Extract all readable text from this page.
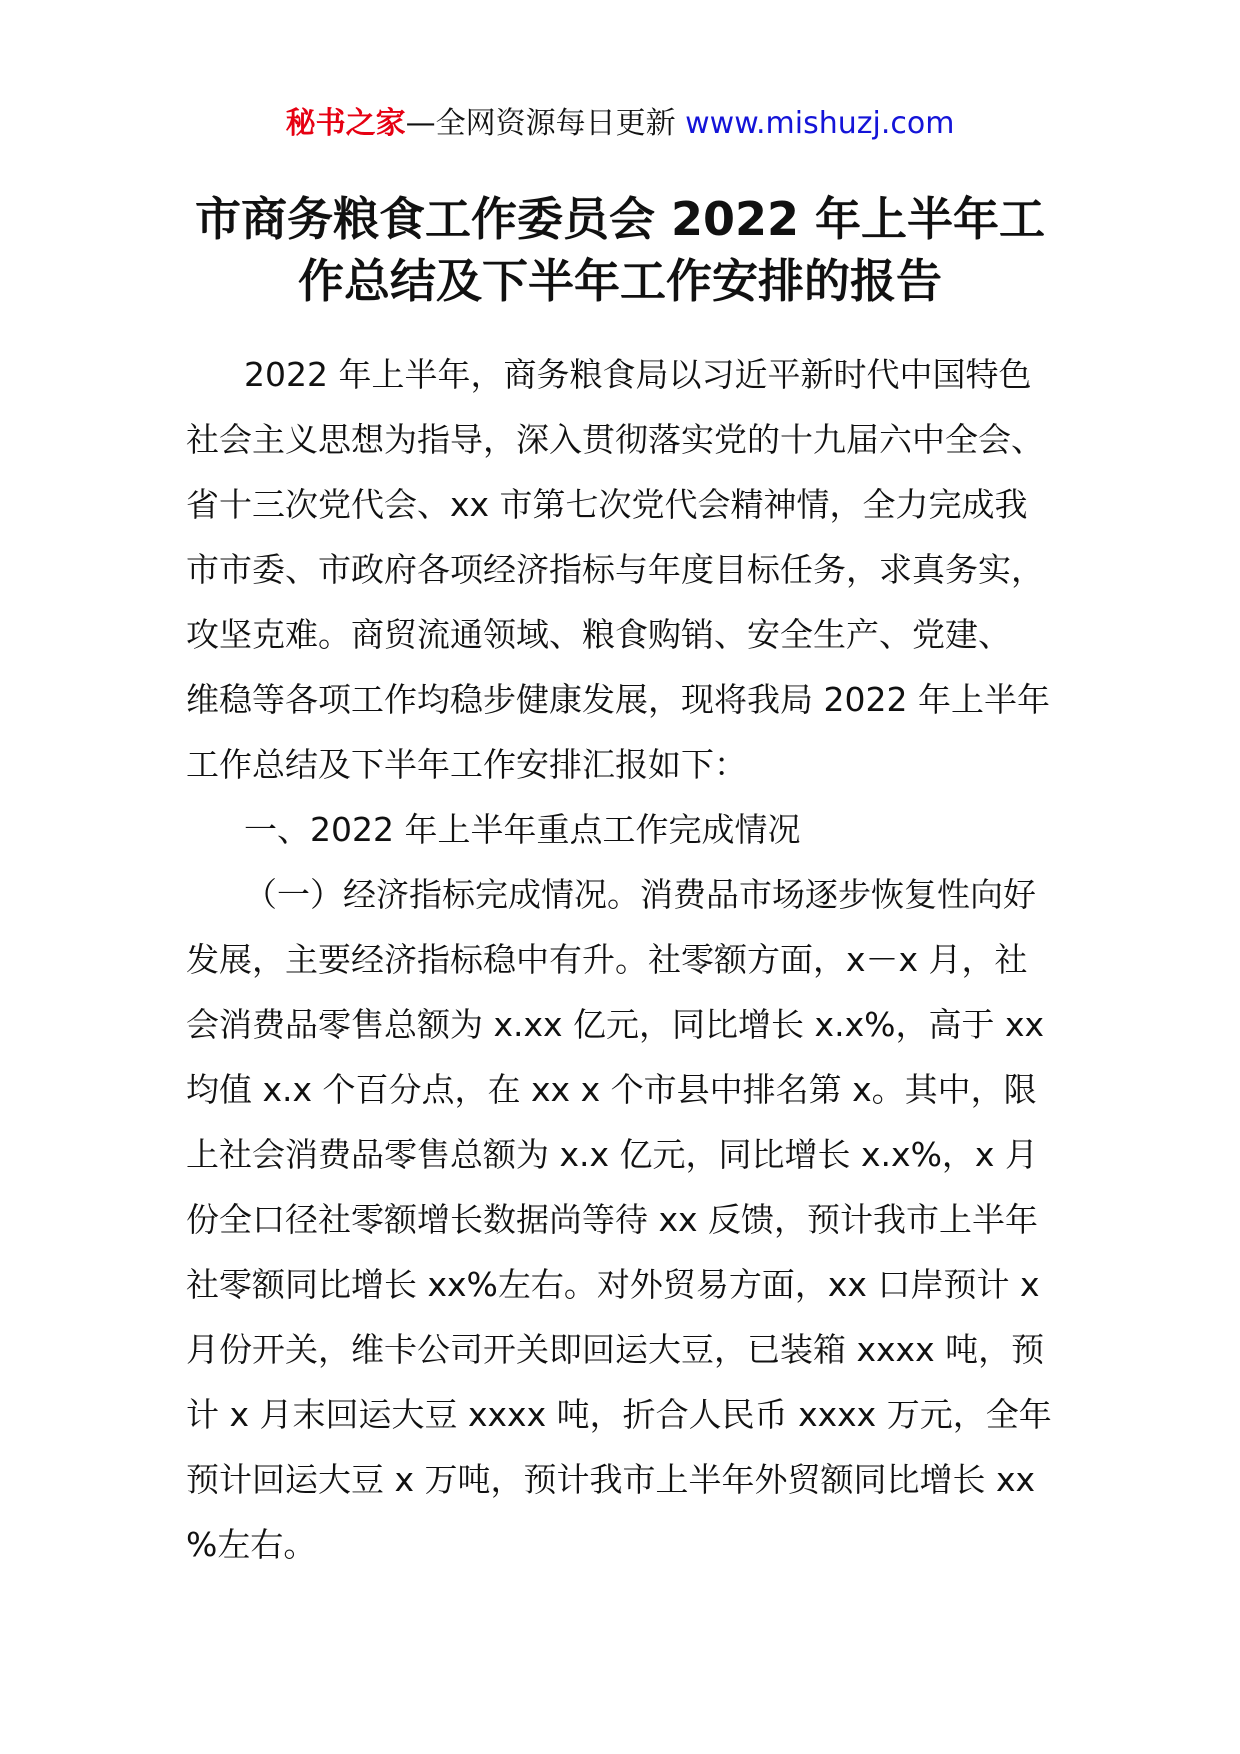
秘书之家—全网资源每日更新 www.mishuzj.com
市商务粮食工作委员会 2022 年上半年工
作总结及下半年工作安排的报告
2022 年上半年，商务粮食局以习近平新时代中国特色
社会主义思想为指导，深入贯彻落实党的十九届六中全会、
省十三次党代会、xx 市第七次党代会精神情，全力完成我
市市委、市政府各项经济指标与年度目标任务，求真务实，
攻坚克难。商贸流通领域、粮食购销、安全生产、党建、
维稳等各项工作均稳步健康发展，现将我局 2022 年上半年
工作总结及下半年工作安排汇报如下：
一、2022 年上半年重点工作完成情况
（一）经济指标完成情况。消费品市场逐步恢复性向好
发展，主要经济指标稳中有升。社零额方面，x－x 月，社
会消费品零售总额为 x.xx 亿元，同比增长 x.x%，高于 xx
均值 x.x 个百分点，在 xx x 个市县中排名第 x。其中，限
上社会消费品零售总额为 x.x 亿元，同比增长 x.x%，x 月
份全口径社零额增长数据尚等待 xx 反馈，预计我市上半年
社零额同比增长 xx%左右。对外贸易方面，xx 口岸预计 x
月份开关，维卡公司开关即回运大豆，已装箱 xxxx 吨，预
计 x 月末回运大豆 xxxx 吨，折合人民币 xxxx 万元，全年
预计回运大豆 x 万吨，预计我市上半年外贸额同比增长 xx
%左右。
